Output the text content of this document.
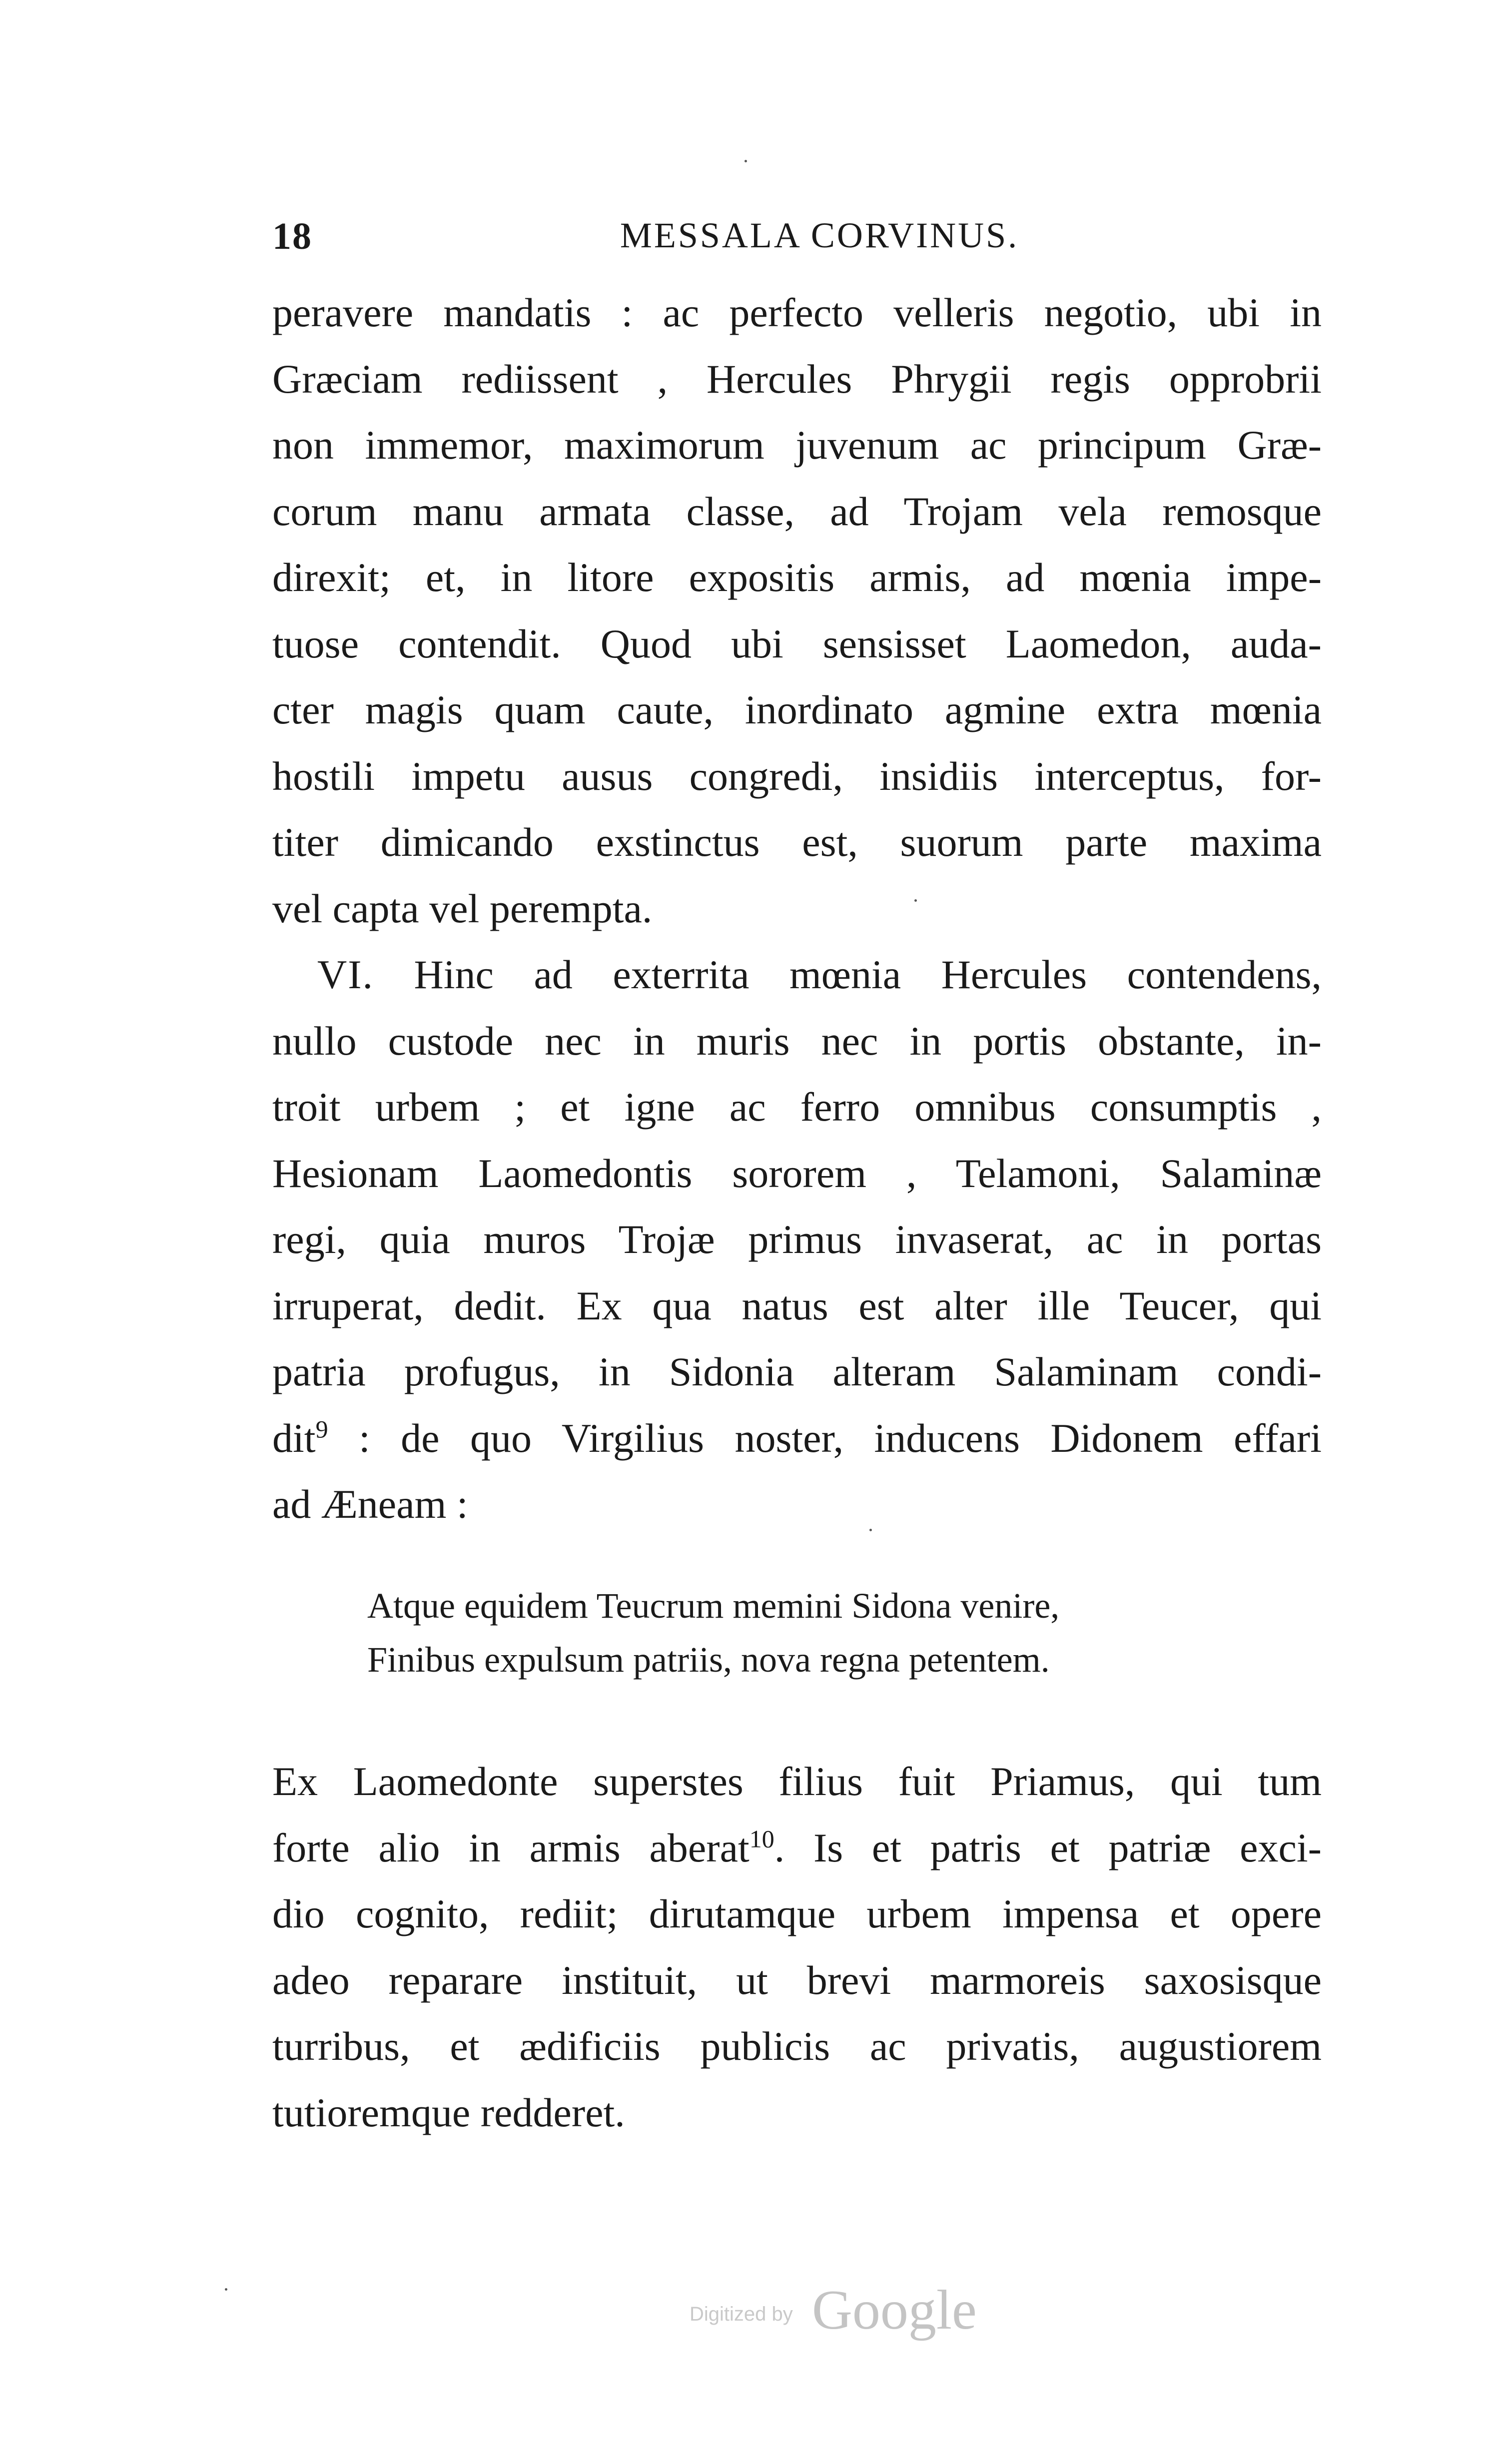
18	MESSALA CORVINUS.
peravere mandatis : ac perfecto velleris negotio, ubi in
Græciam rediissent , Hercules Phrygii regis opprobrii
non immemor, maximorum juvenum ac principum Græ-
corum manu armata classe, ad Trojam vela remosque
direxit; et, in litore expositis armis, ad mœnia impe-
tuose contendit. Quod ubi sensisset Laomedon, auda-
cter magis quam caute, inordinato agmine extra mœnia
hostili impetu ausus congredi, insidiis interceptus, for-
titer dimicando exstinctus est, suorum parte maxima
vel capta vel perempta.
VI. Hinc ad exterrita mœnia Hercules contendens,
nullo custode nec in muris nec in portis obstante, in-
troit urbem ; et igne ac ferro omnibus consumptis ,
Hesionam Laomedontis sororem , Telamoni, Salaminæ
regi, quia muros Trojæ primus invaserat, ac in portas
irruperat, dedit. Ex qua natus est alter ille Teucer, qui
patria profugus, in Sidonia alteram Salaminam condi-
dit$^9$ : de quo Virgilius noster, inducens Didonem effari
ad Æneam :
Atque equidem Teucrum memini Sidona venire,
Finibus expulsum patriis, nova regna petentem.
Ex Laomedonte superstes filius fuit Priamus, qui tum
forte alio in armis aberat$^{10}$. Is et patris et patriæ exci-
dio cognito, rediit; dirutamque urbem impensa et opere
adeo reparare instituit, ut brevi marmoreis saxosisque
turribus, et ædificiis publicis ac privatis, augustiorem
tutioremque redderet.
Digitized by Google
